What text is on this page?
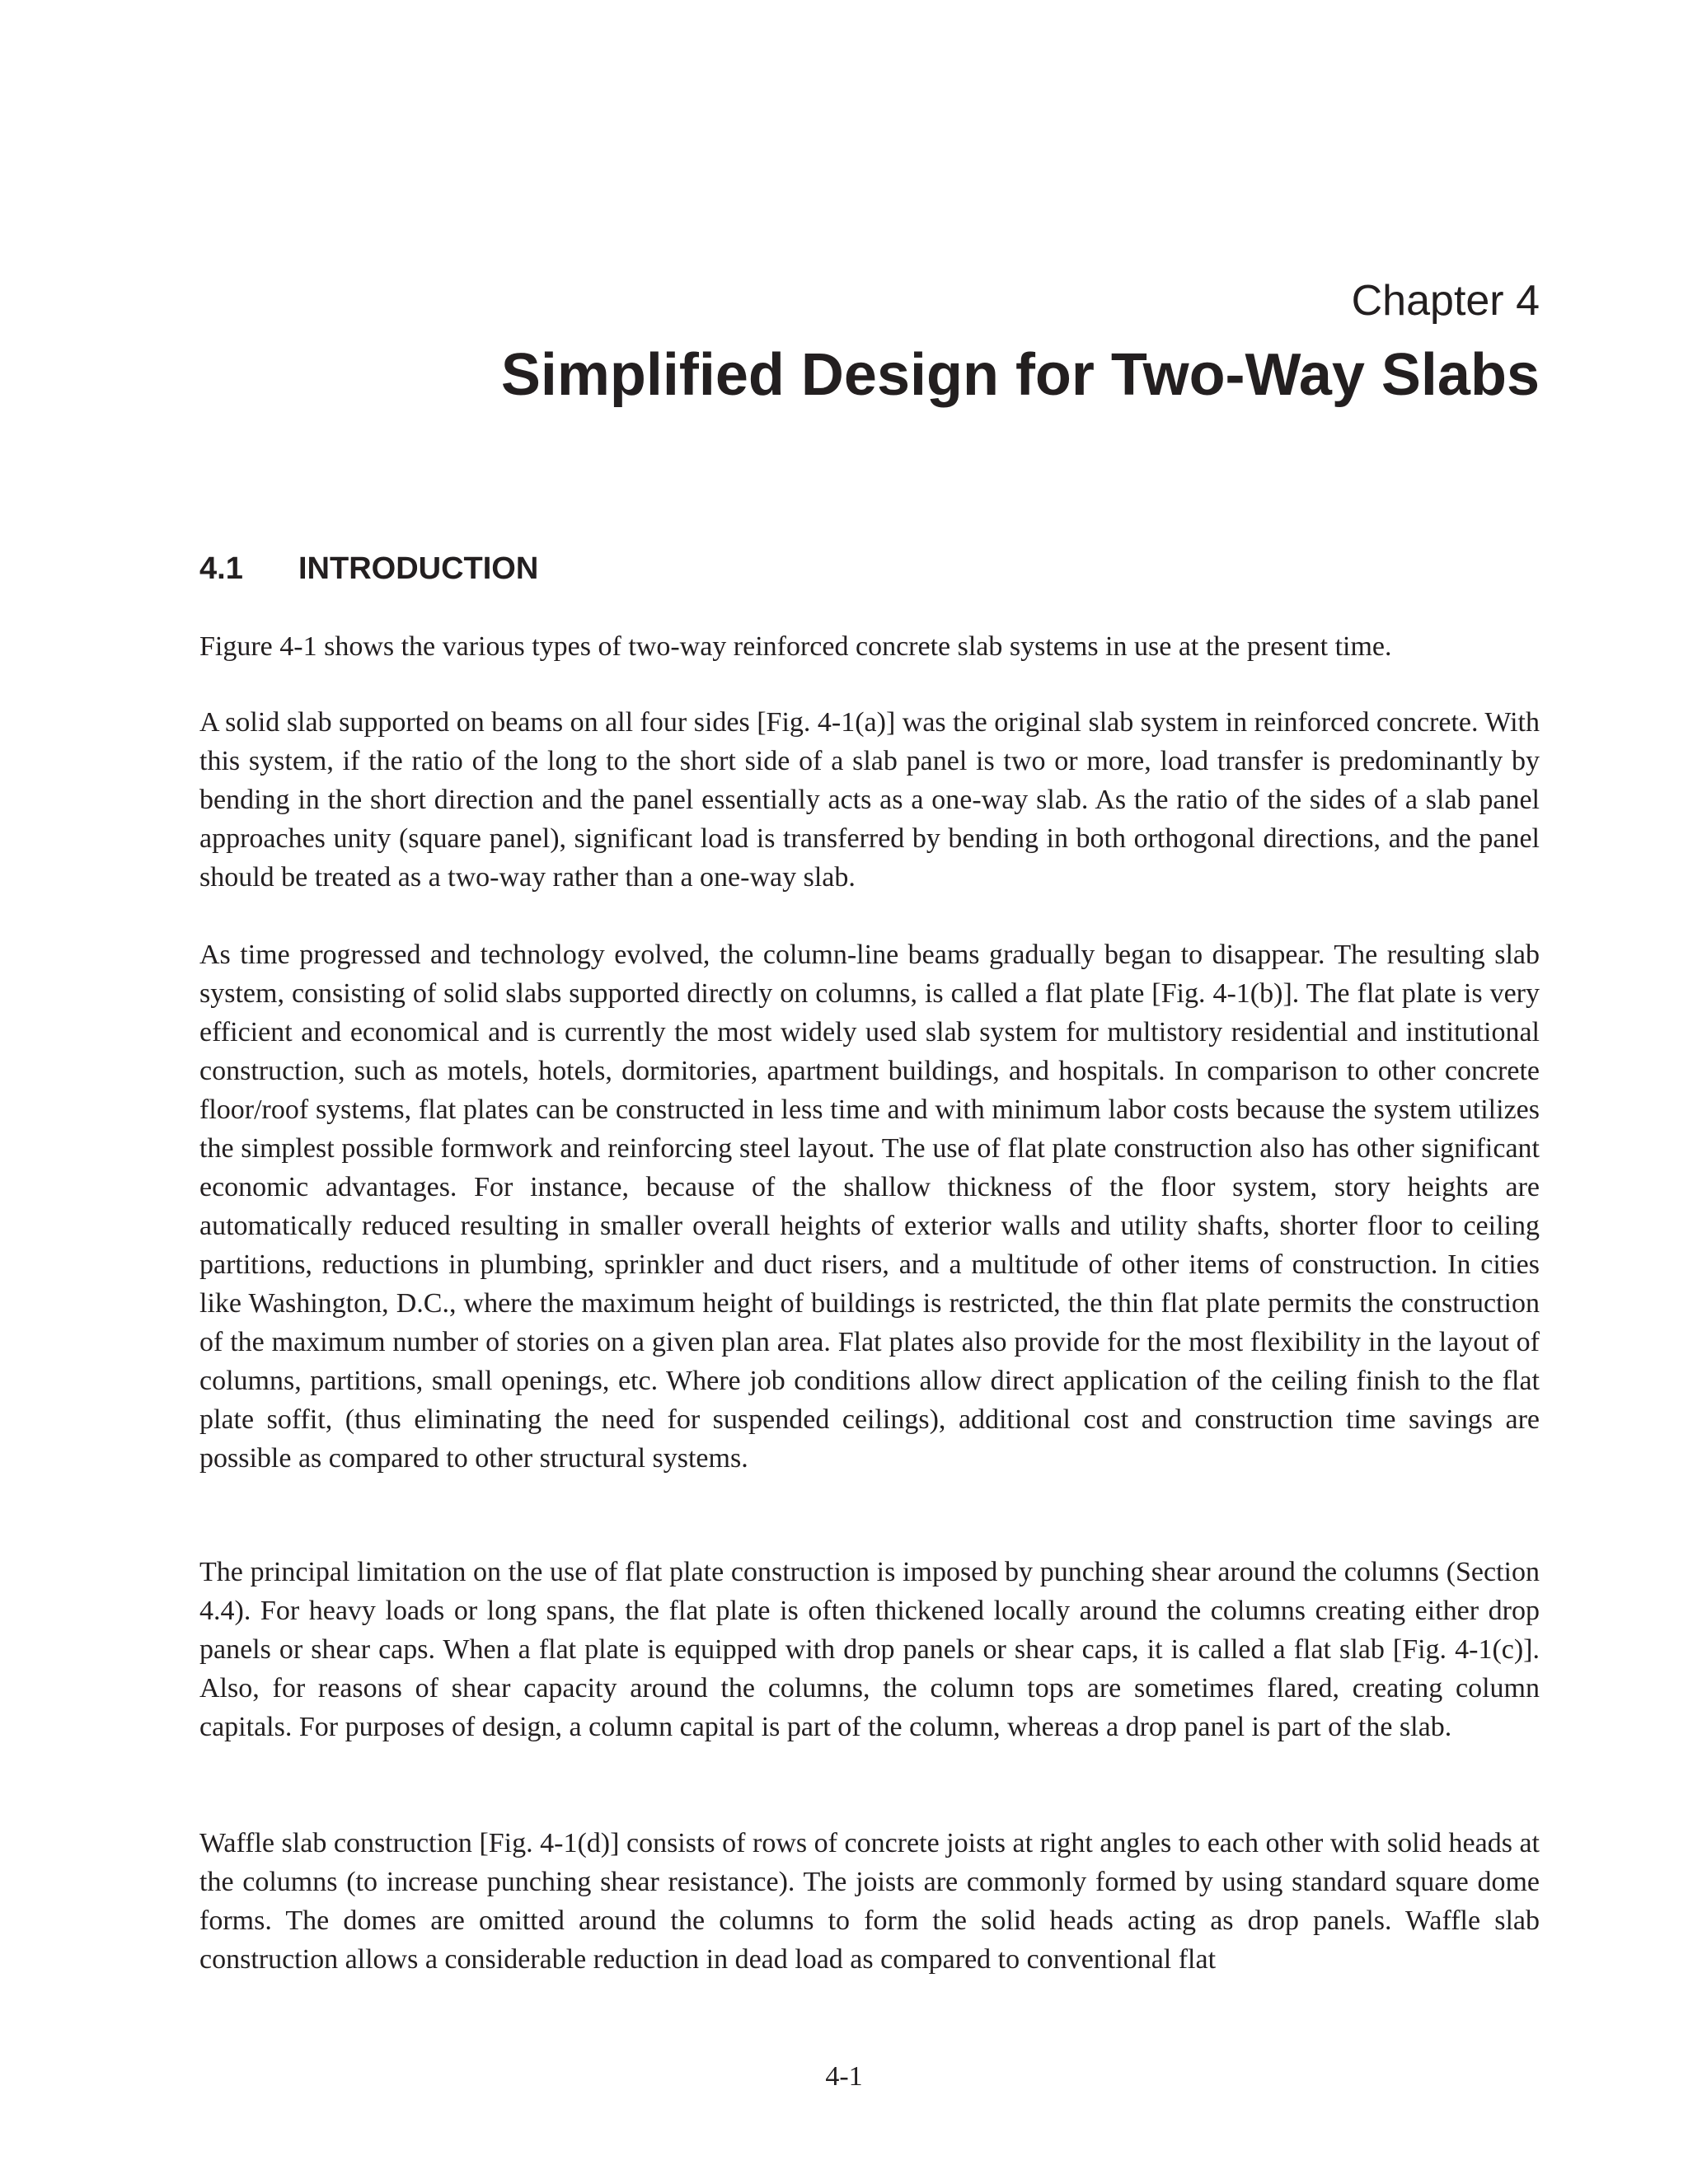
Chapter 4

Simplified Design for Two-Way Slabs
4.1 INTRODUCTION

Figure 4-1 shows the various types of two-way reinforced concrete slab systems in use at the present time.

A solid slab supported on beams on all four sides [Fig. 4-1(a)] was the original slab system in reinforced concrete. With this system, if the ratio of the long to the short side of a slab panel is two or more, load transfer is predominantly by bending in the short direction and the panel essentially acts as a one-way slab. As the ratio of the sides of a slab panel approaches unity (square panel), significant load is transferred by bending in both orthogonal directions, and the panel should be treated as a two-way rather than a one-way slab.

As time progressed and technology evolved, the column-line beams gradually began to disappear. The resulting slab system, consisting of solid slabs supported directly on columns, is called a flat plate [Fig. 4-1(b)]. The flat plate is very efficient and economical and is currently the most widely used slab system for multistory residential and institutional construction, such as motels, hotels, dormitories, apartment buildings, and hospitals. In comparison to other concrete floor/roof systems, flat plates can be constructed in less time and with minimum labor costs because the system utilizes the simplest possible formwork and reinforcing steel layout. The use of flat plate construction also has other significant economic advantages. For instance, because of the shallow thickness of the floor system, story heights are automatically reduced resulting in smaller overall heights of exterior walls and utility shafts, shorter floor to ceiling partitions, reductions in plumbing, sprinkler and duct risers, and a multitude of other items of construction. In cities like Washington, D.C., where the maximum height of buildings is restricted, the thin flat plate permits the construction of the maximum number of stories on a given plan area. Flat plates also provide for the most flexibility in the layout of columns, partitions, small openings, etc. Where job conditions allow direct application of the ceiling finish to the flat plate soffit, (thus eliminating the need for suspended ceilings), additional cost and construction time savings are possible as compared to other structural systems.

The principal limitation on the use of flat plate construction is imposed by punching shear around the columns (Section 4.4). For heavy loads or long spans, the flat plate is often thickened locally around the columns creating either drop panels or shear caps. When a flat plate is equipped with drop panels or shear caps, it is called a flat slab [Fig. 4-1(c)]. Also, for reasons of shear capacity around the columns, the column tops are sometimes flared, creating column capitals. For purposes of design, a column capital is part of the column, whereas a drop panel is part of the slab.

Waffle slab construction [Fig. 4-1(d)] consists of rows of concrete joists at right angles to each other with solid heads at the columns (to increase punching shear resistance). The joists are commonly formed by using standard square dome forms. The domes are omitted around the columns to form the solid heads acting as drop panels. Waffle slab construction allows a considerable reduction in dead load as compared to conventional flat

4-1
